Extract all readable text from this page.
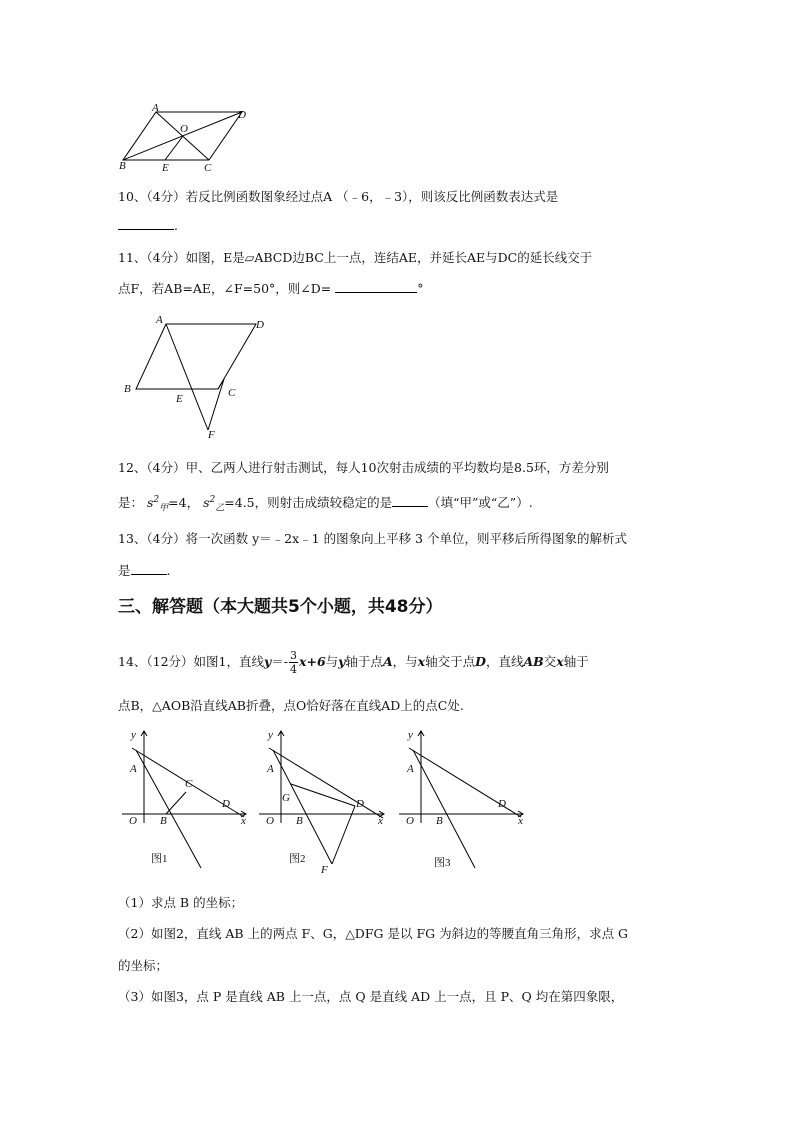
A
D
O
B	E	C
10、（4分）若反比例函数图象经过点A （﹣6，﹣3），则该反比例函数表达式是
.
11、（4分）如图，E是▱ABCD边BC上一点，连结AE，并延长AE与DC的延长线交于
点F，若AB=AE，∠F=50°，则∠D=	°
A	D
B
E	C
F
12、（4分）甲、乙两人进行射击测试，每人10次射击成绩的平均数均是8.5环，方差分别
是： $s^2_甲=4$， $s^2_乙=4.5$，则射击成绩较稳定的是	（填“甲”或“乙”）.
13、（4分）将一次函数 y＝﹣2x﹣1 的图象向上平移 3 个单位，则平移后所得图象的解析式
是	.
三、解答题（本大题共5个小题，共48分）
14、（12分）如图1，直线$y=- \frac{3}{4} x+6$与y轴于点A，与x轴交于点D，直线AB交x轴于
点B，△AOB沿直线AB折叠，点O恰好落在直线AD上的点C处.
y
A
C
D
O B	x
图1
y
A
G	D
O B	x
F
图2
y
A
D
O B	x
图3
（1）求点 B 的坐标；
（2）如图2，直线 AB 上的两点 F、G，△DFG 是以 FG 为斜边的等腰直角三角形，求点 G
的坐标；
（3）如图3，点 P 是直线 AB 上一点，点 Q 是直线 AD 上一点，且 P、Q 均在第四象限，
